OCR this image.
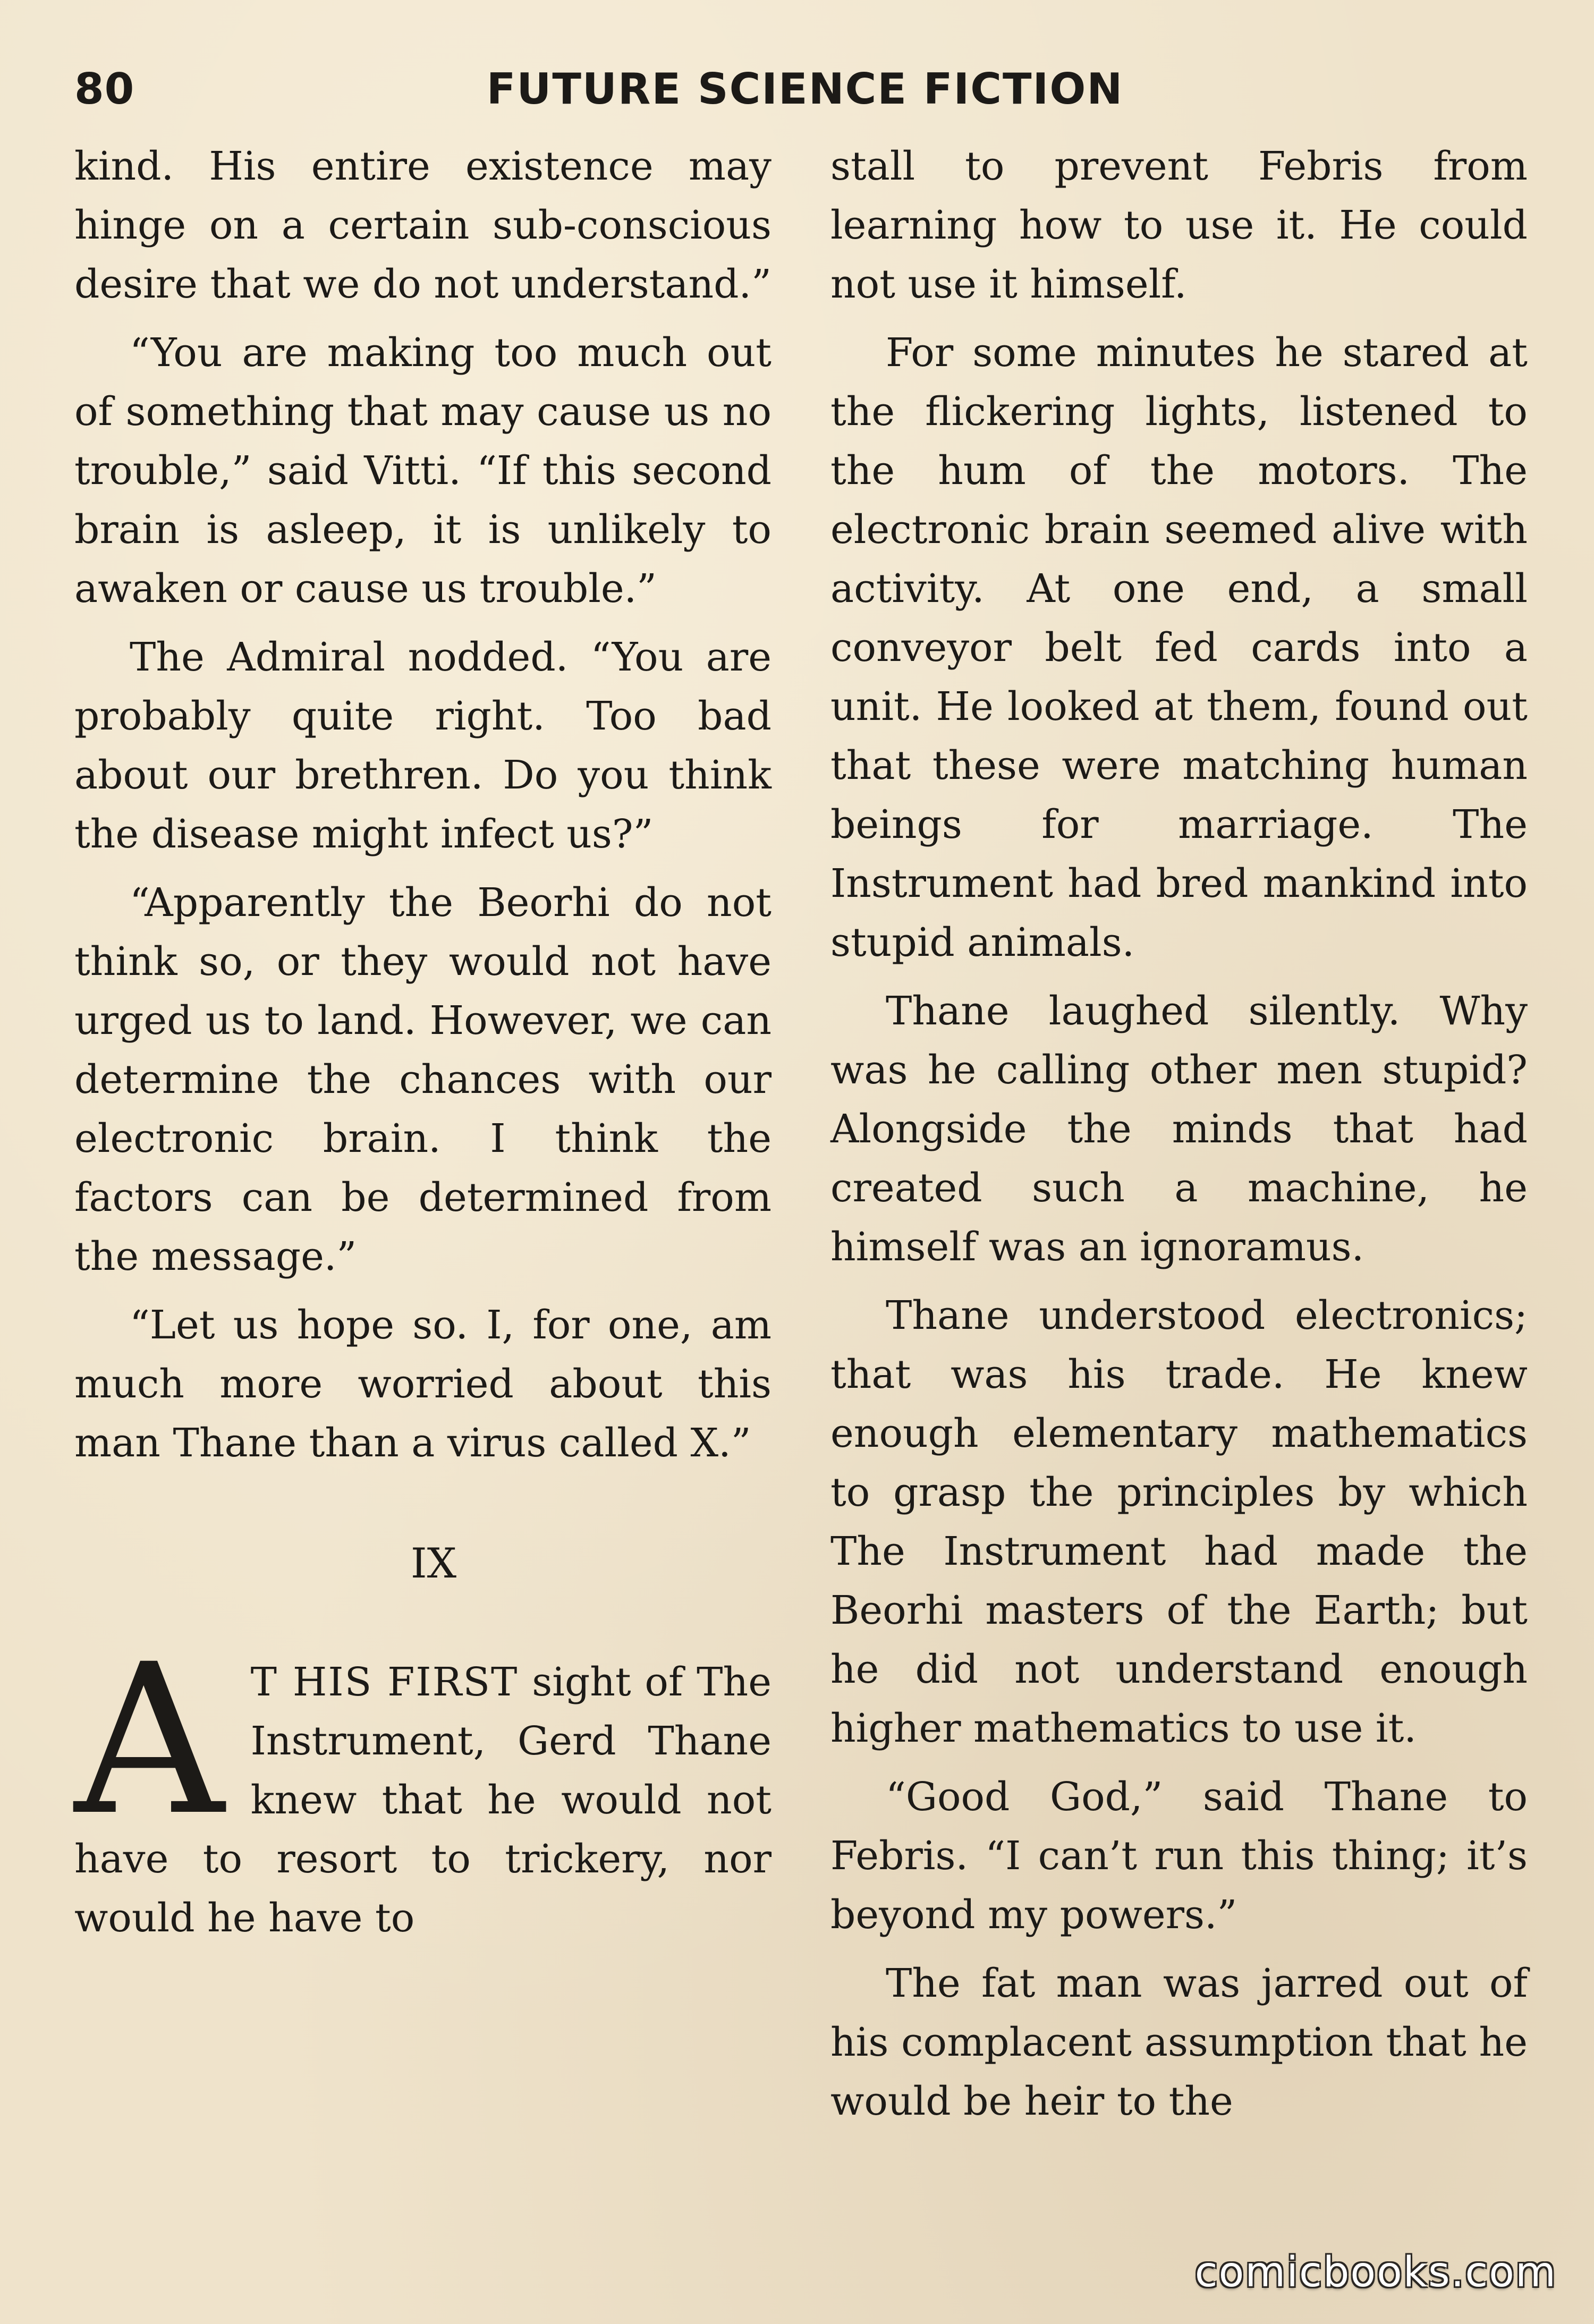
80	FUTURE SCIENCE FICTION

kind. His entire existence may hinge on a certain sub-conscious desire that we do not understand.”

“You are making too much out of something that may cause us no trouble,” said Vitti. “If this second brain is asleep, it is unlikely to awaken or cause us trouble.”

The Admiral nodded. “You are probably quite right. Too bad about our brethren. Do you think the disease might infect us?”

“Apparently the Beorhi do not think so, or they would not have urged us to land. However, we can determine the chances with our electronic brain. I think the factors can be determined from the message.”

“Let us hope so. I, for one, am much more worried about this man Thane than a virus called X.”

IX

A T HIS FIRST sight of The Instrument, Gerd Thane knew that he would not have to resort to trickery, nor would he have to

stall to prevent Febris from learning how to use it. He could not use it himself.

For some minutes he stared at the flickering lights, listened to the hum of the motors. The electronic brain seemed alive with activity. At one end, a small conveyor belt fed cards into a unit. He looked at them, found out that these were matching human beings for marriage. The Instrument had bred mankind into stupid animals.

Thane laughed silently. Why was he calling other men stupid? Alongside the minds that had created such a machine, he himself was an ignoramus.

Thane understood electronics; that was his trade. He knew enough elementary mathematics to grasp the principles by which The Instrument had made the Beorhi masters of the Earth; but he did not understand enough higher mathematics to use it.

“Good God,” said Thane to Febris. “I can’t run this thing; it’s beyond my powers.”

The fat man was jarred out of his complacent assumption that he would be heir to the

comicbooks.com
